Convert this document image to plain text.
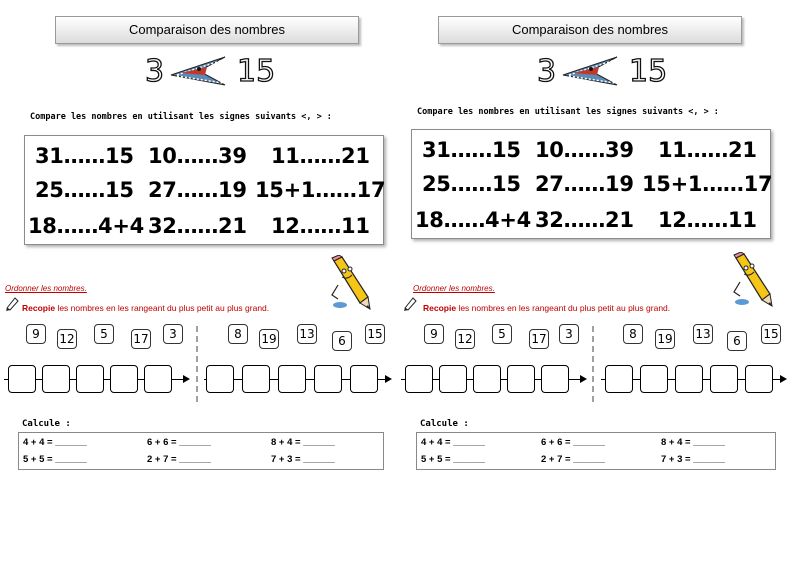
Comparaison des nombres
3 15
Compare les nombres en utilisant les signes suivants <, > :
31……15 10……39 11……21
25……15 27……19 15+1……17
18……4+4 32……21 12……11
Ordonner les nombres.
Recopie les nombres en les rangeant du plus petit au plus grand.
9	12	5	17	3	8	19 13	6	15
Calcule :
4 + 4 = ______	6 + 6 = ______	8 + 4 = ______
5 + 5 = ______	2 + 7 = ______	7 + 3 = ______
Comparaison des nombres
3 15
Compare les nombres en utilisant les signes suivants <, > :
31……15 10……39 11……21
25……15 27……19 15+1……17
18……4+4 32……21 12……11
Ordonner les nombres.
Recopie les nombres en les rangeant du plus petit au plus grand.
9	12	5	17	3	8	19 13	6	15
Calcule :
4 + 4 = ______	6 + 6 = ______	8 + 4 = ______
5 + 5 = ______	2 + 7 = ______	7 + 3 = ______
